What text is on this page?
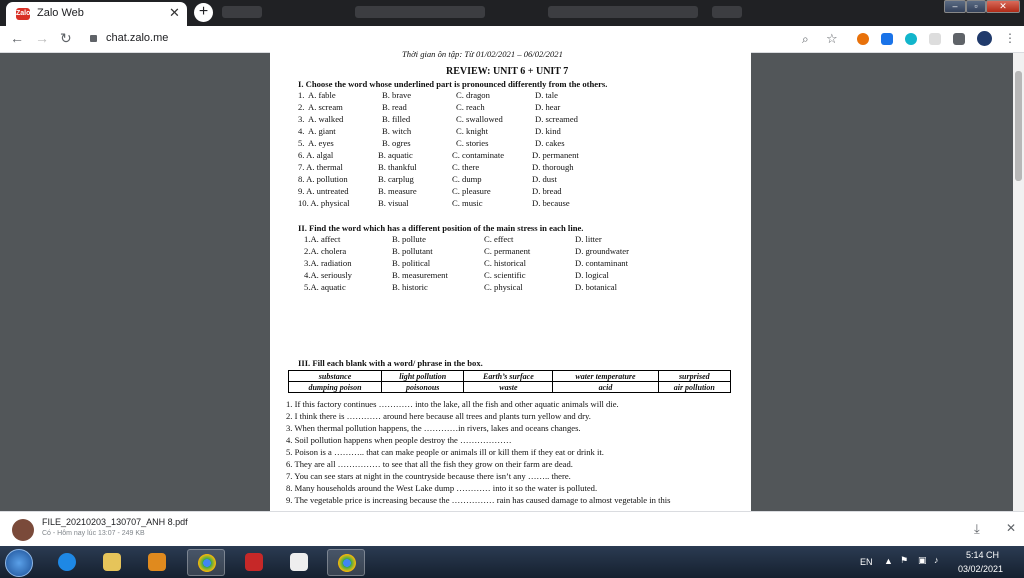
Zalo Zalo Web	✕	+	–	▫	✕
← → ↻	chat.zalo.me	⌕ ☆	⋮
Thời gian ôn tập: Từ 01/02/2021 – 06/02/2021
REVIEW: UNIT 6 + UNIT 7
I. Choose the word whose underlined part is pronounced differently from the others.
1. A. fable	B. brave	C. dragon	D. tale
2. A. scream	B. read	C. reach	D. hear
3. A. walked	B. filled	C. swallowed	D. screamed
4. A. giant	B. witch	C. knight	D. kind
5. A. eyes	B. ogres	C. stories	D. cakes
6. A. algal	B. aquatic	C. contaminate	D. permanent
7. A. thermal	B. thankful	C. there	D. thorough
8. A. pollution	B. carplug	C. dump	D. dust
9. A. untreated	B. measure	C. pleasure	D. bread
10. A. physical	B. visual	C. music	D. because
II. Find the word which has a different position of the main stress in each line.
1.A. affect	B. pollute	C. effect	D. litter
2.A. cholera	B. pollutant	C. permanent	D. groundwater
3.A. radiation	B. political	C. historical	D. contaminant
4.A. seriously	B. measurement	C. scientific	D. logical
5.A. aquatic	B. historic	C. physical	D. botanical
III. Fill each blank with a word/ phrase in the box.
substance	light pollution	Earth’s surface	water temperature	surprised
dumping poison	poisonous	waste	acid	air pollution
1. If this factory continues ………… into the lake, all the fish and other aquatic animals will die.
2. I think there is ………… around here because all trees and plants turn yellow and dry.
3. When thermal pollution happens, the …………in rivers, lakes and oceans changes.
4. Soil pollution happens when people destroy the ………………
5. Poison is a ……….. that can make people or animals ill or kill them if they eat or drink it.
6. They are all …………… to see that all the fish they grow on their farm are dead.
7. You can see stars at night in the countryside because there isn’t any …….. there.
8. Many households around the West Lake dump ………… into it so the water is polluted.
9. The vegetable price is increasing because the …………… rain has caused damage to almost vegetable in this
FILE_20210203_130707_ANH 8.pdf
Có - Hôm nay lúc 13:07 - 249 KB	⤓ ✕
EN ▲ ⚑ ▣ ♪	5:14 CH
03/02/2021
